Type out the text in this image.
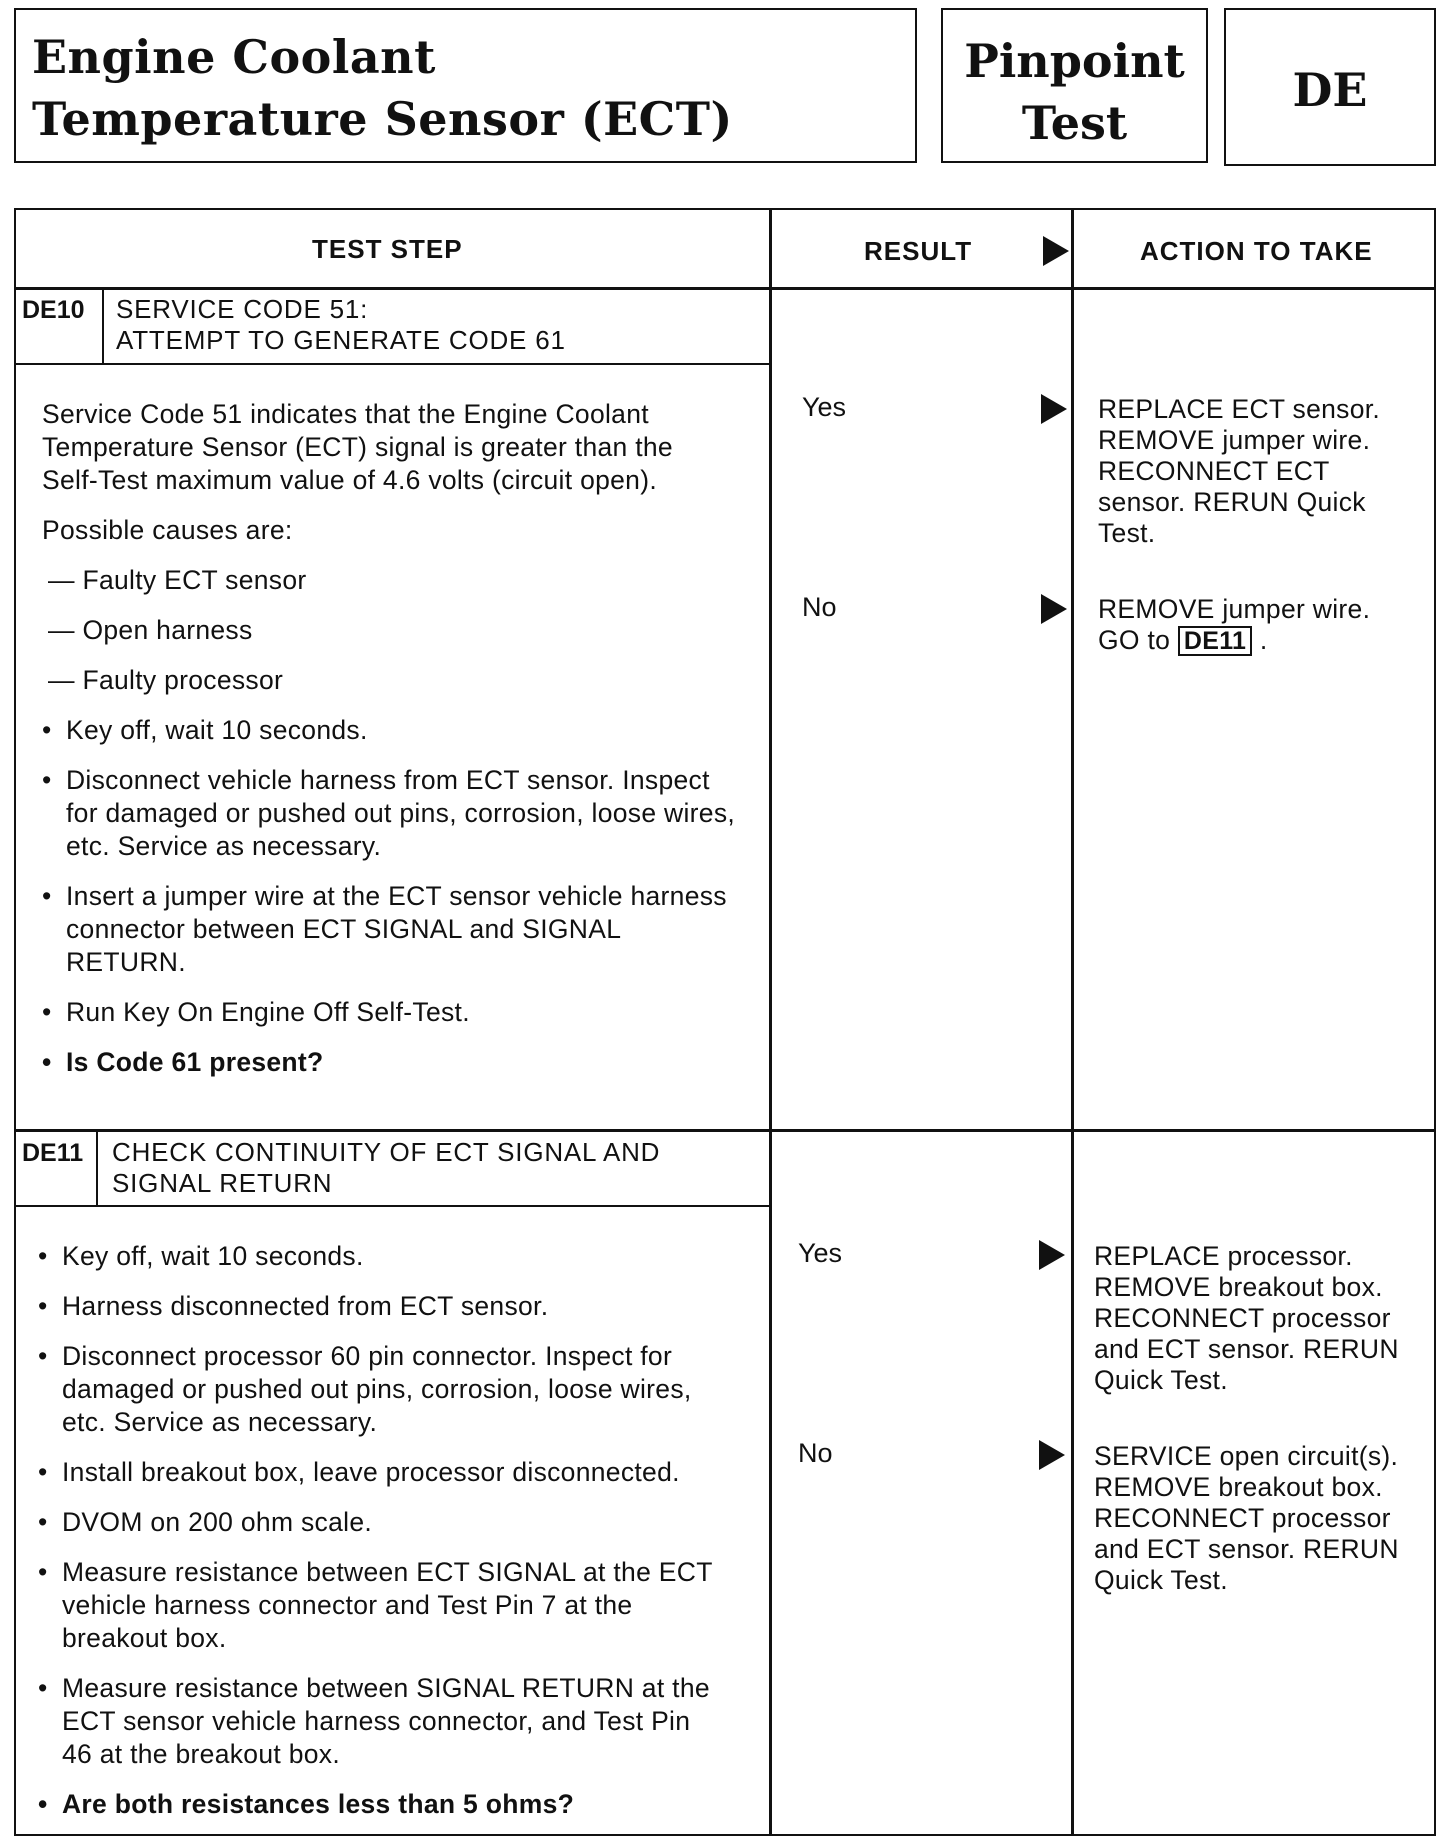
Engine Coolant
Temperature Sensor (ECT)
Pinpoint
Test
DE
TEST STEP	RESULT	ACTION TO TAKE
DE10 SERVICE CODE 51:
ATTEMPT TO GENERATE CODE 61
Service Code 51 indicates that the Engine Coolant
Temperature Sensor (ECT) signal is greater than the
Self-Test maximum value of 4.6 volts (circuit open).
Possible causes are:
— Faulty ECT sensor
— Open harness
— Faulty processor
• Key off, wait 10 seconds.
• Disconnect vehicle harness from ECT sensor. Inspect for damaged or pushed out pins, corrosion, loose wires, etc. Service as necessary.
• Insert a jumper wire at the ECT sensor vehicle harness connector between ECT SIGNAL and SIGNAL RETURN.
• Run Key On Engine Off Self-Test.
• Is Code 61 present?
Yes
No
REPLACE ECT sensor. REMOVE jumper wire. RECONNECT ECT sensor. RERUN Quick Test.
REMOVE jumper wire. GO to DE11 .
DE11 CHECK CONTINUITY OF ECT SIGNAL AND
SIGNAL RETURN
• Key off, wait 10 seconds.
• Harness disconnected from ECT sensor.
• Disconnect processor 60 pin connector. Inspect for damaged or pushed out pins, corrosion, loose wires, etc. Service as necessary.
• Install breakout box, leave processor disconnected.
• DVOM on 200 ohm scale.
• Measure resistance between ECT SIGNAL at the ECT vehicle harness connector and Test Pin 7 at the breakout box.
• Measure resistance between SIGNAL RETURN at the ECT sensor vehicle harness connector, and Test Pin 46 at the breakout box.
• Are both resistances less than 5 ohms?
Yes
No
REPLACE processor. REMOVE breakout box. RECONNECT processor and ECT sensor. RERUN Quick Test.
SERVICE open circuit(s). REMOVE breakout box. RECONNECT processor and ECT sensor. RERUN Quick Test.
